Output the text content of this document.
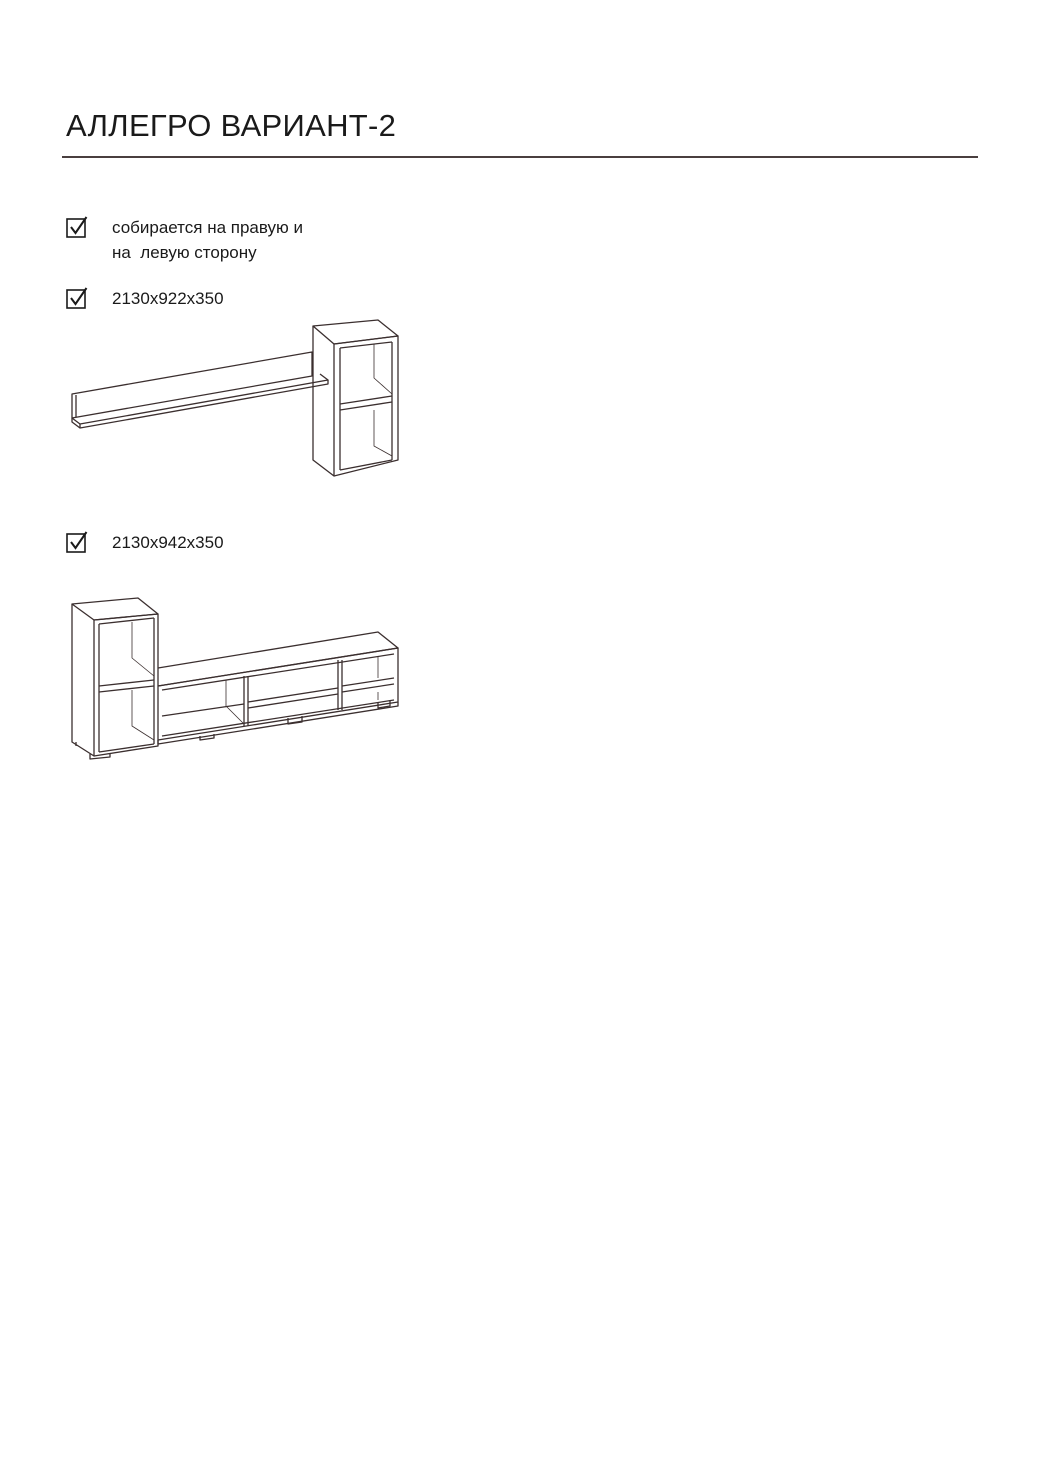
АЛЛЕГРО ВАРИАНТ-2
собирается на правую и
на  левую сторону
2130х922х350
2130х942х350
